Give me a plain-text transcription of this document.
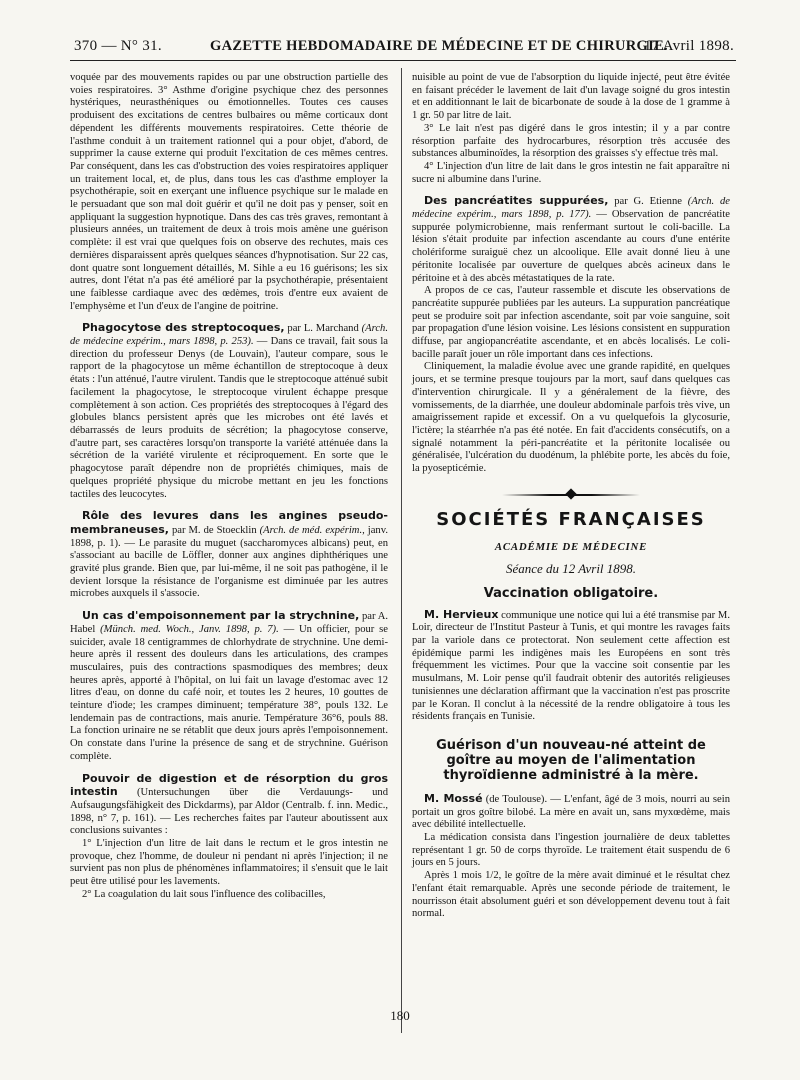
370 — N° 31.	GAZETTE HEBDOMADAIRE DE MÉDECINE ET DE CHIRURGIE.
17 Avril 1898.

voquée par des mouvements rapides ou par une obstruction partielle des voies respiratoires. 3° Asthme d'origine psychique chez des personnes hystériques, neurasthéniques ou émotionnelles. Toutes ces causes produisent des excitations de centres bulbaires ou même corticaux dont dépendent les différents mouvements respiratoires. Cette théorie de l'asthme conduit à un traitement rationnel qui a pour objet, d'abord, de supprimer la cause externe qui produit l'excitation de ces mêmes centres. Par conséquent, dans les cas d'obstruction des voies respiratoires appliquer un traitement local, et, de plus, dans tous les cas d'asthme employer la psychothérapie, soit en exerçant une influence psychique sur le malade en le persuadant que son mal doit guérir et qu'il ne doit pas y penser, soit en appliquant la suggestion hypnotique. Dans des cas très graves, remontant à plusieurs années, un traitement de deux à trois mois amène une guérison complète: il est vrai que quelques fois on observe des rechutes, mais ces dernières disparaissent après quelques séances d'hypnotisation. Sur 22 cas, dont quatre sont longuement détaillés, M. Sihle a eu 16 guérisons; les six autres, dont l'état n'a pas été amélioré par la psychothérapie, présentaient une faiblesse cardiaque avec des œdèmes, trois d'entre eux avaient de l'emphysème et l'un d'eux de l'angine de poitrine.

Phagocytose des streptocoques, par L. Marchand (Arch. de médecine expérim., mars 1898, p. 253). — Dans ce travail, fait sous la direction du professeur Denys (de Louvain), l'auteur compare, sous le rapport de la phagocytose un même échantillon de streptocoque à deux états : l'un atténué, l'autre virulent. Tandis que le streptocoque atténué subit facilement la phagocytose, le streptocoque virulent échappe presque complètement à son action. Ces propriétés des streptocoques à l'égard des globules blancs persistent après que les microbes ont été lavés et débarrassés de leurs produits de sécrétion; la phagocytose conserve, d'autre part, ses caractères lorsqu'on transporte la variété atténuée dans la sécrétion de la variété virulente et réciproquement. En sorte que le phagocytose paraît dépendre non de propriétés chimiques, mais de quelques propriété physique du microbe mettant en jeu les fonctions tactiles des leucocytes.

Rôle des levures dans les angines pseudo-membraneuses, par M. de Stoecklin (Arch. de méd. expérim., janv. 1898, p. 1). — Le parasite du muguet (saccharomyces albicans) peut, en s'associant au bacille de Löffler, donner aux angines diphthériques une gravité plus grande. Bien que, par lui-même, il ne soit pas pathogène, il le devient lorsque la résistance de l'organisme est diminuée par les autres microbes auxquels il s'associe.

Un cas d'empoisonnement par la strychnine, par A. Habel (Münch. med. Woch., Janv. 1898, p. 7). — Un officier, pour se suicider, avale 18 centigrammes de chlorhydrate de strychnine. Une demi-heure après il ressent des douleurs dans les articulations, des crampes musculaires, puis des contractions spasmodiques des membres; deux heures après, apporté à l'hôpital, on lui fait un lavage d'estomac avec 12 litres d'eau, on donne du café noir, et toutes les 2 heures, 10 gouttes de teinture d'iode; les crampes diminuent; température 38°, pouls 132. Le lendemain pas de contractions, mais anurie. Température 36°6, pouls 88. La fonction urinaire ne se rétablit que deux jours après l'empoisonnement. On constate dans l'urine la présence de sang et de strychnine. Guérison complète.

Pouvoir de digestion et de résorption du gros intestin (Untersuchungen über die Verdauungs- und Aufsaugungsfähigkeit des Dickdarms), par Aldor (Centralb. f. inn. Medic., 1898, n° 7, p. 161). — Les recherches faites par l'auteur aboutissent aux conclusions suivantes :

1° L'injection d'un litre de lait dans le rectum et le gros intestin ne provoque, chez l'homme, de douleur ni pendant ni après l'injection; il ne survient pas non plus de phénomènes inflammatoires; il s'ensuit que le lait peut être utilisé pour les lavements.

2° La coagulation du lait sous l'influence des colibacilles,

nuisible au point de vue de l'absorption du liquide injecté, peut être évitée en faisant précéder le lavement de lait d'un lavage soigné du gros intestin et en additionnant le lait de bicarbonate de soude à la dose de 1 gramme à 1 gr. 50 par litre de lait.

3° Le lait n'est pas digéré dans le gros intestin; il y a par contre résorption parfaite des hydrocarbures, résorption très accusée des substances albuminoïdes, la résorption des graisses s'y effectue très mal.

4° L'injection d'un litre de lait dans le gros intestin ne fait apparaître ni sucre ni albumine dans l'urine.

Des pancréatites suppurées, par G. Etienne (Arch. de médecine expérim., mars 1898, p. 177). — Observation de pancréatite suppurée polymicrobienne, mais renfermant surtout le coli-bacille. La lésion s'était produite par infection ascendante au cours d'une entérite cholériforme suraiguë chez un alcoolique. Elle avait donné lieu à une péritonite localisée par ouverture de quelques abcès acineux dans le péritoine et à des abcès métastatiques de la rate.

A propos de ce cas, l'auteur rassemble et discute les observations de pancréatite suppurée publiées par les auteurs. La suppuration pancréatique peut se produire soit par infection ascendante, soit par voie sanguine, soit par propagation d'une lésion voisine. Les lésions consistent en suppuration diffuse, par angiopancréatite ascendante, et en abcès localisés. Le coli-bacille paraît jouer un rôle important dans ces infections.

Cliniquement, la maladie évolue avec une grande rapidité, en quelques jours, et se termine presque toujours par la mort, sauf dans quelques cas d'intervention chirurgicale. Il y a généralement de la fièvre, des vomissements, de la diarrhée, une douleur abdominale parfois très vive, un amaigrissement rapide et excessif. On a vu quelquefois la glycosurie, l'ictère; la stéarrhée n'a pas été notée. En fait d'accidents consécutifs, on a signalé notamment la péri-pancréatite et la péritonite localisée ou généralisée, l'ulcération du duodénum, la phlébite porte, les abcès du foie, la pyosepticémie.

SOCIÉTÉS FRANÇAISES
ACADÉMIE DE MÉDECINE
Séance du 12 Avril 1898.
Vaccination obligatoire.

M. Hervieux communique une notice qui lui a été transmise par M. Loir, directeur de l'Institut Pasteur à Tunis, et qui montre les ravages faits par la variole dans ce protectorat. Non seulement cette affection est épidémique parmi les indigènes mais les Européens en sont très fréquemment les victimes. Pour que la vaccine soit consentie par les musulmans, M. Loir pense qu'il faudrait obtenir des autorités religieuses tunisiennes une déclaration affirmant que la vaccination n'est pas proscrite par le Koran. Il conclut à la nécessité de la rendre obligatoire à tous les résidents français en Tunisie.

Guérison d'un nouveau-né atteint de goître au moyen de l'alimentation thyroïdienne administré à la mère.

M. Mossé (de Toulouse). — L'enfant, âgé de 3 mois, nourri au sein portait un gros goître bilobé. La mère en avait un, sans myxœdème, mais avec débilité intellectuelle.

La médication consista dans l'ingestion journalière de deux tablettes représentant 1 gr. 50 de corps thyroïde. Le traitement était suspendu de 6 jours en 5 jours.

Après 1 mois 1/2, le goître de la mère avait diminué et le résultat chez l'enfant était remarquable. Après une seconde période de traitement, le nourrisson était absolument guéri et son développement devenu tout à fait normal.

180
